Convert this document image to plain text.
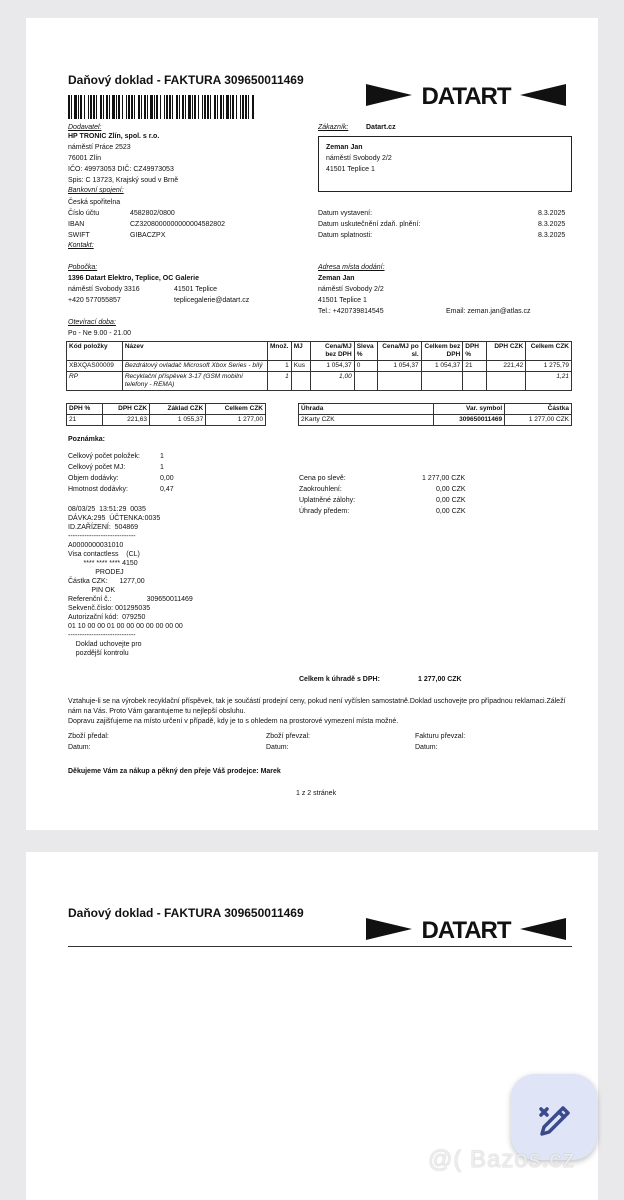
Daňový doklad - FAKTURA 309650011469
DATART
Dodavatel:
HP TRONIC Zlín, spol. s r.o.
náměstí Práce 2523
76001 Zlín
IČO: 49973053 DIČ: CZ49973053
Spis: C 13723, Krajský soud v Brně
Bankovní spojení:
Česká spořitelna
Číslo účtu	4582802/0800
IBAN	CZ3208000000000004582802
SWIFT	GIBACZPX
Kontakt:
Zákazník:	Datart.cz
Zeman Jan
náměstí Svobody 2/2
41501 Teplice 1
Datum vystavení:	8.3.2025
Datum uskutečnění zdaň. plnění:	8.3.2025
Datum splatnosti:	8.3.2025
Pobočka:
1396 Datart Elektro, Teplice, OC Galerie
náměstí Svobody 3316	41501 Teplice
+420 577055857	teplicegalerie@datart.cz
Otevírací doba:
Po - Ne 9.00 - 21.00
Adresa místa dodání:
Zeman Jan
náměstí Svobody 2/2
41501 Teplice 1
Tel.: +420739814545	Email: zeman.jan@atlas.cz
Kód položky	Název	Množ.	MJ	Cena/MJ bez DPH	Sleva %	Cena/MJ po sl.	Celkem bez DPH	DPH %	DPH CZK	Celkem CZK
XBXQAS00009	Bezdrátový ovladač Microsoft Xbox Series - bílý	1	Kus	1 054,37	0	1 054,37	1 054,37	21	221,42	1 275,79
RP	Recyklační příspěvek 3-17 (GSM mobilní telefony - REMA)	1		1,00						1,21
DPH %	DPH CZK	Základ CZK	Celkem CZK
21	221,63	1 055,37	1 277,00
Úhrada	Var. symbol	Částka
2Karty CZK	309650011469	1 277,00 CZK
Poznámka:
Celkový počet položek:	1
Celkový počet MJ:	1
Objem dodávky:	0,00
Hmotnost dodávky:	0,47
Cena po slevě:	1 277,00 CZK
Zaokrouhlení:	0,00 CZK
Uplatněné zálohy:	0,00 CZK
Úhrady předem:	0,00 CZK
08/03/25  13:51:29  0035
DÁVKA:295  ÚČTENKA:0035
ID.ZAŘÍZENÍ:  504869
-----------------------------
A0000000031010
Visa contactless    (CL)
**** **** **** 4150
PRODEJ
Částka CZK:      1277,00
PIN OK
Referenční č.:                  309650011469
Sekvenč.číslo: 001295035
Autorizační kód:  079250
01 10 00 00 01 00 00 00 00 00 00 00
-----------------------------
Doklad uchovejte pro
pozdější kontrolu
Celkem k úhradě s DPH:	1 277,00 CZK
Vztahuje-li se na výrobek recyklační příspěvek, tak je součástí prodejní ceny, pokud není vyčíslen samostatně.Doklad uschovejte pro případnou reklamaci.Záleží nám na Vás. Proto Vám garantujeme tu nejlepší obsluhu.
Dopravu zajišťujeme na místo určení v případě, kdy je to s ohledem na prostorové vymezení místa možné.
Zboží předal:
Datum:
Zboží převzal:
Datum:
Fakturu převzal:
Datum:
Děkujeme Vám za nákup a pěkný den přeje Váš prodejce: Marek
1 z 2 stránek
Daňový doklad - FAKTURA 309650011469
DATART
@( Bazos.cz
